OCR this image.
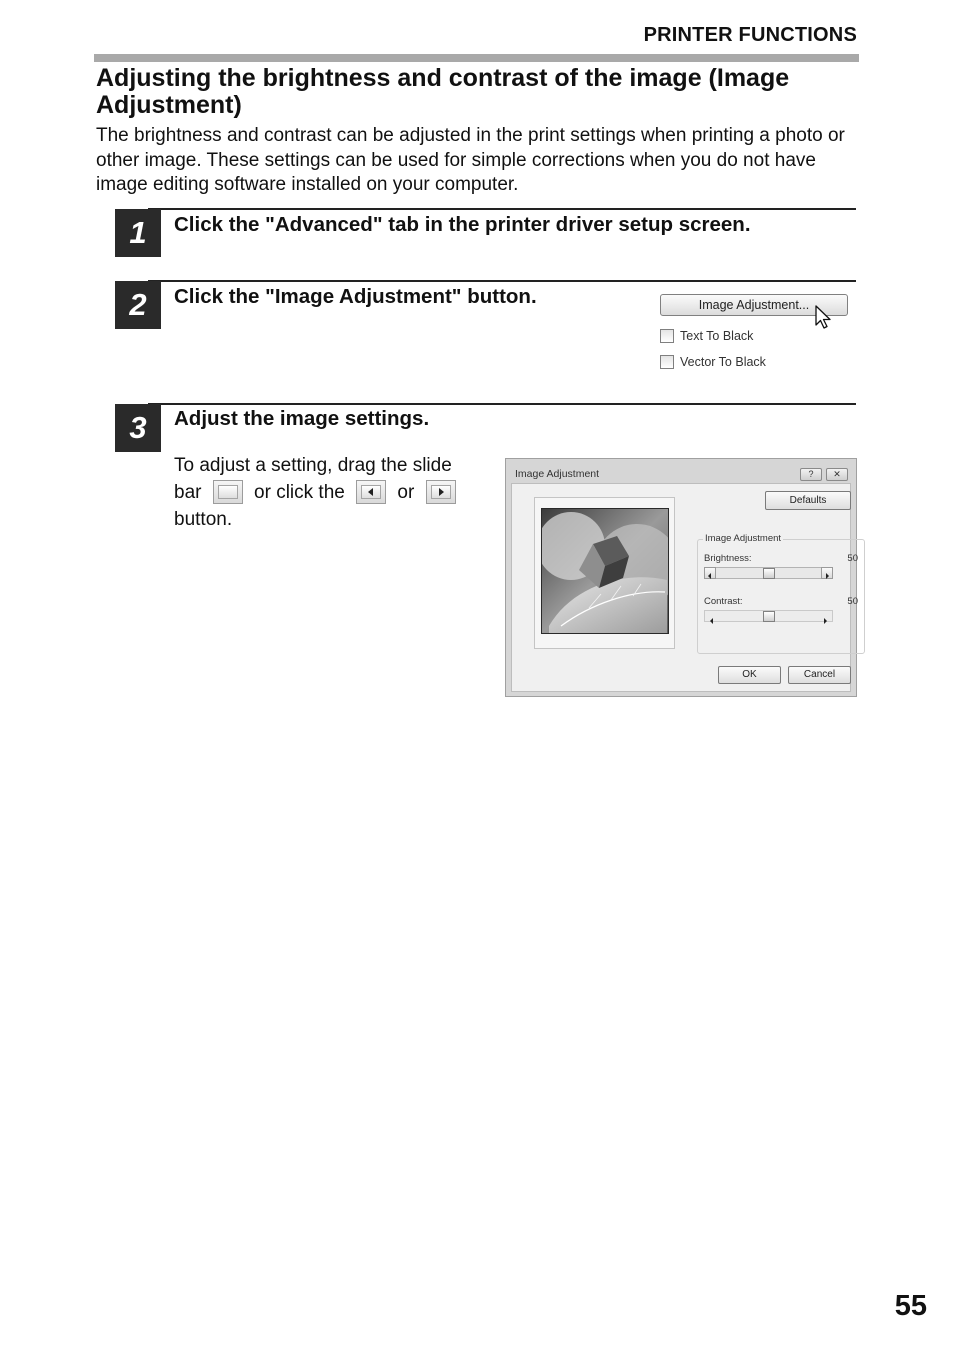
PRINTER FUNCTIONS
Adjusting the brightness and contrast of the image (Image Adjustment)

The brightness and contrast can be adjusted in the print settings when printing a photo or other image. These settings can be used for simple corrections when you do not have image editing software installed on your computer.

1	Click the "Advanced" tab in the printer driver setup screen.
2	Click the "Image Adjustment" button.	Image Adjustment...
Text To Black
Vector To Black
3	Adjust the image settings.

To adjust a setting, drag the slide bar	or click the	or
button.

Image Adjustment	?	✕
Defaults
Image Adjustment
Brightness:	50
Contrast:	50
OK	Cancel
55
